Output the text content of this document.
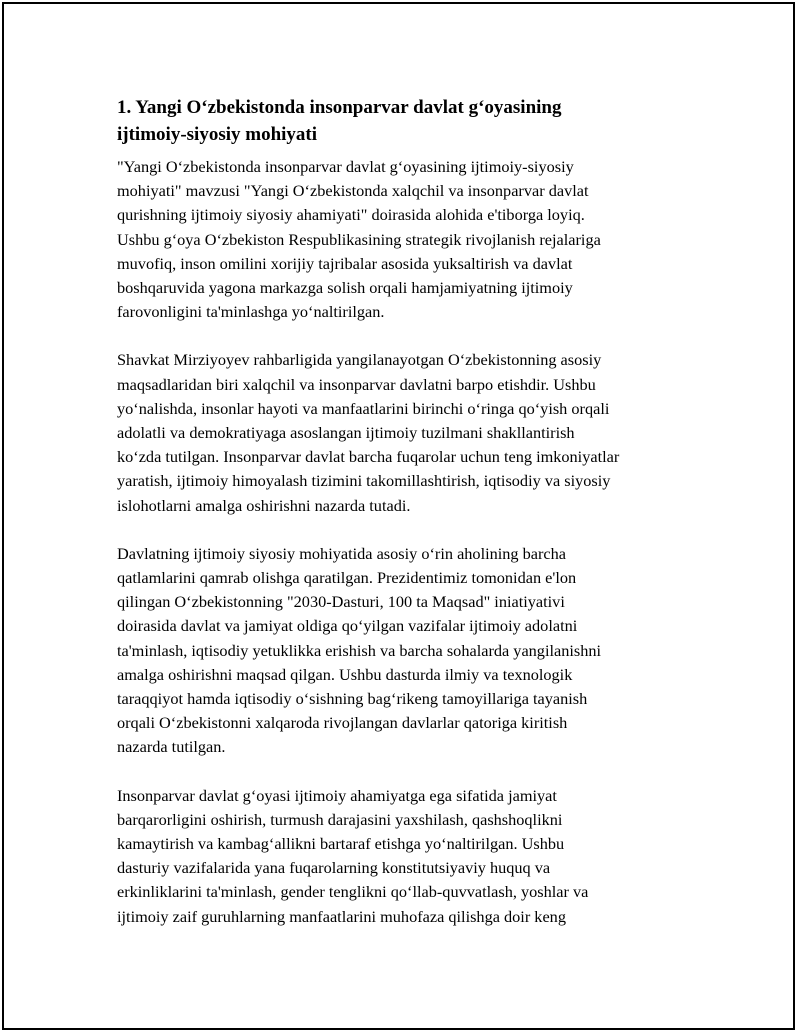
1. Yangi O‘zbekistonda insonparvar davlat g‘oyasining
ijtimoiy-siyosiy mohiyati

"Yangi O‘zbekistonda insonparvar davlat g‘oyasining ijtimoiy-siyosiy
mohiyati" mavzusi "Yangi O‘zbekistonda xalqchil va insonparvar davlat
qurishning ijtimoiy siyosiy ahamiyati" doirasida alohida e'tiborga loyiq.
Ushbu g‘oya O‘zbekiston Respublikasining strategik rivojlanish rejalariga
muvofiq, inson omilini xorijiy tajribalar asosida yuksaltirish va davlat
boshqaruvida yagona markazga solish orqali hamjamiyatning ijtimoiy
farovonligini ta'minlashga yo‘naltirilgan.

Shavkat Mirziyoyev rahbarligida yangilanayotgan O‘zbekistonning asosiy
maqsadlaridan biri xalqchil va insonparvar davlatni barpo etishdir. Ushbu
yo‘nalishda, insonlar hayoti va manfaatlarini birinchi o‘ringa qo‘yish orqali
adolatli va demokratiyaga asoslangan ijtimoiy tuzilmani shakllantirish
ko‘zda tutilgan. Insonparvar davlat barcha fuqarolar uchun teng imkoniyatlar
yaratish, ijtimoiy himoyalash tizimini takomillashtirish, iqtisodiy va siyosiy
islohotlarni amalga oshirishni nazarda tutadi.

Davlatning ijtimoiy siyosiy mohiyatida asosiy o‘rin aholining barcha
qatlamlarini qamrab olishga qaratilgan. Prezidentimiz tomonidan e'lon
qilingan O‘zbekistonning "2030-Dasturi, 100 ta Maqsad" iniatiyativi
doirasida davlat va jamiyat oldiga qo‘yilgan vazifalar ijtimoiy adolatni
ta'minlash, iqtisodiy yetuklikka erishish va barcha sohalarda yangilanishni
amalga oshirishni maqsad qilgan. Ushbu dasturda ilmiy va texnologik
taraqqiyot hamda iqtisodiy o‘sishning bag‘rikeng tamoyillariga tayanish
orqali O‘zbekistonni xalqaroda rivojlangan davlarlar qatoriga kiritish
nazarda tutilgan.

Insonparvar davlat g‘oyasi ijtimoiy ahamiyatga ega sifatida jamiyat
barqarorligini oshirish, turmush darajasini yaxshilash, qashshoqlikni
kamaytirish va kambag‘allikni bartaraf etishga yo‘naltirilgan. Ushbu
dasturiy vazifalarida yana fuqarolarning konstitutsiyaviy huquq va
erkinliklarini ta'minlash, gender tenglikni qo‘llab-quvvatlash, yoshlar va
ijtimoiy zaif guruhlarning manfaatlarini muhofaza qilishga doir keng
